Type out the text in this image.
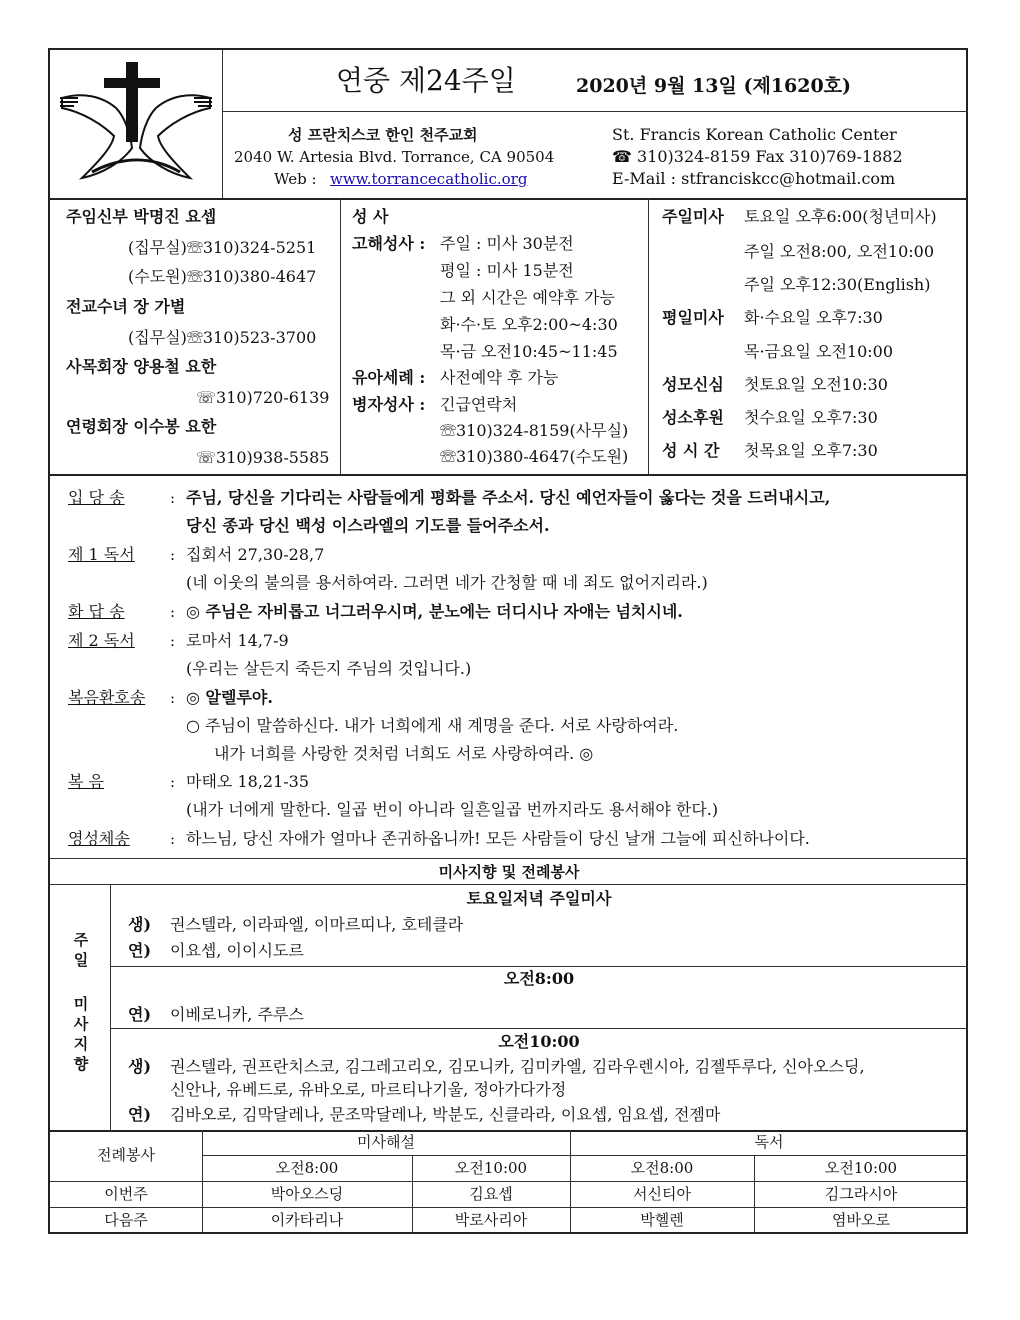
연중 제24주일	2020년 9월 13일 (제1620호)
성 프란치스코 한인 천주교회
2040 W. Artesia Blvd. Torrance, CA 90504
Web : www.torrancecatholic.org
St. Francis Korean Catholic Center
☎ 310)324-8159 Fax 310)769-1882
E-Mail : stfranciskcc@hotmail.com
주임신부 박명진 요셉
(집무실)☏310)324-5251
(수도원)☏310)380-4647
전교수녀 장 가별
(집무실)☏310)523-3700
사목회장 양용철 요한
☏310)720-6139
연령회장 이수봉 요한
☏310)938-5585
성 사
고해성사 : 주일 : 미사 30분전
평일 : 미사 15분전
그 외 시간은 예약후 가능
화·수·토 오후2:00~4:30
목·금 오전10:45~11:45
유아세례 : 사전예약 후 가능
병자성사 : 긴급연락처
☏310)324-8159(사무실)
☏310)380-4647(수도원)
주일미사 토요일 오후6:00(청년미사)
주일 오전8:00, 오전10:00
주일 오후12:30(English)
평일미사 화·수요일 오후7:30
목·금요일 오전10:00
성모신심 첫토요일 오전10:30
성소후원 첫수요일 오후7:30
성 시 간 첫목요일 오후7:30
입 당 송	: 주님, 당신을 기다리는 사람들에게 평화를 주소서. 당신 예언자들이 옳다는 것을 드러내시고,
당신 종과 당신 백성 이스라엘의 기도를 들어주소서.
제 1 독서 : 집회서 27,30-28,7
(네 이웃의 불의를 용서하여라. 그러면 네가 간청할 때 네 죄도 없어지리라.)
화 답 송	: ◎ 주님은 자비롭고 너그러우시며, 분노에는 더디시나 자애는 넘치시네.
제 2 독서 : 로마서 14,7-9
(우리는 살든지 죽든지 주님의 것입니다.)
복음환호송 : ◎ 알렐루야.
○ 주님이 말씀하신다. 내가 너희에게 새 계명을 준다. 서로 사랑하여라.
내가 너희를 사랑한 것처럼 너희도 서로 사랑하여라. ◎
복 음	: 마태오 18,21-35
(내가 너에게 말한다. 일곱 번이 아니라 일흔일곱 번까지라도 용서해야 한다.)
영성체송	: 하느님, 당신 자애가 얼마나 존귀하옵니까! 모든 사람들이 당신 날개 그늘에 피신하나이다.
미사지향 및 전례봉사
주
일
미
사
지
향
토요일저녁 주일미사
생) 권스텔라, 이라파엘, 이마르띠나, 호테클라
연) 이요셉, 이이시도르
오전8:00
연) 이베로니카, 주루스
오전10:00
생) 권스텔라, 권프란치스코, 김그레고리오, 김모니카, 김미카엘, 김라우렌시아, 김젤뚜루다, 신아오스딩,
신안나, 유베드로, 유바오로, 마르티나기울, 정아가다가정
연) 김바오로, 김막달레나, 문조막달레나, 박분도, 신클라라, 이요셉, 임요셉, 전젬마
전례봉사
미사해설	독서
오전8:00	오전10:00	오전8:00	오전10:00
이번주	박아오스딩	김요셉	서신티아	김그라시아
다음주	이카타리나	박로사리아	박헬렌	염바오로
